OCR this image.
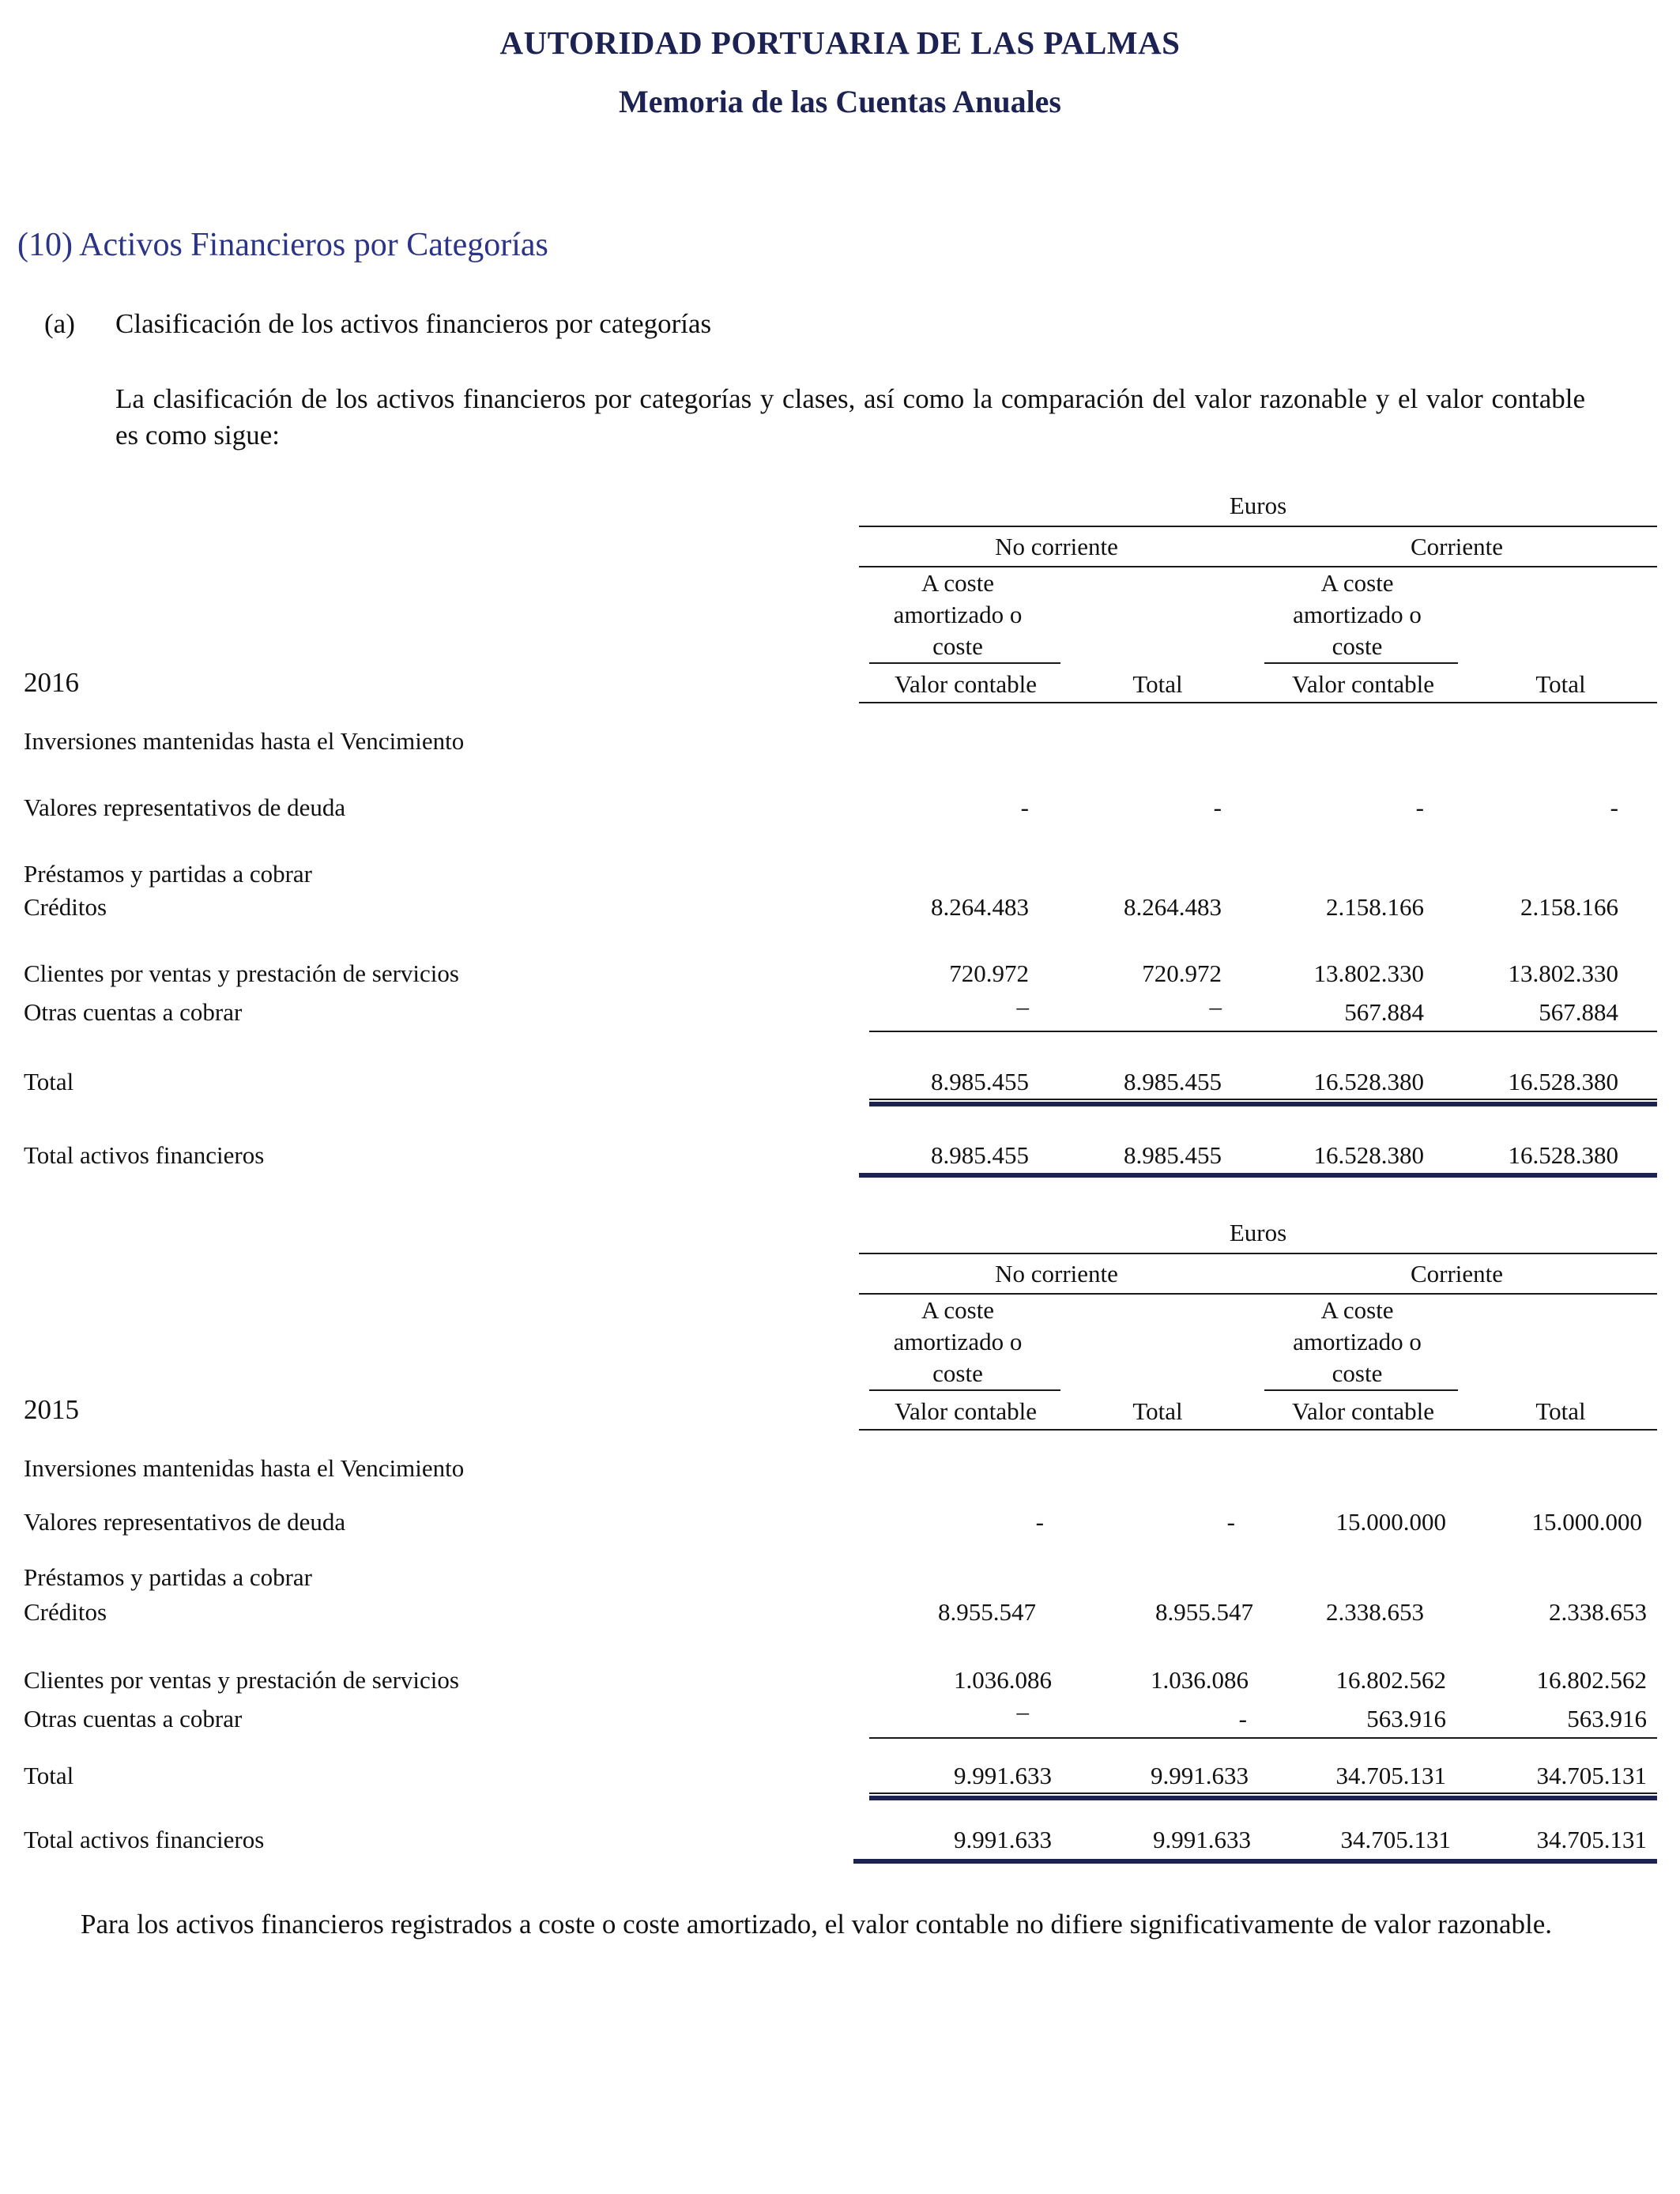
AUTORIDAD PORTUARIA DE LAS PALMAS
Memoria de las Cuentas Anuales
(10) Activos Financieros por Categorías
(a) Clasificación de los activos financieros por categorías
La clasificación de los activos financieros por categorías y clases, así como la comparación del valor razonable y el valor contable es como sigue:
Euros
No corriente	Corriente
A coste
amortizado o
coste
A coste
amortizado o
coste
2016	Valor contable	Total	Valor contable	Total
Inversiones mantenidas hasta el Vencimiento
Valores representativos de deuda	-	-	-	-
Préstamos y partidas a cobrar
Créditos	8.264.483	8.264.483	2.158.166	2.158.166
Clientes por ventas y prestación de servicios	720.972	720.972	13.802.330	13.802.330
Otras cuentas a cobrar	–	–	567.884	567.884
Total	8.985.455	8.985.455	16.528.380	16.528.380
Total activos financieros	8.985.455	8.985.455	16.528.380	16.528.380
Euros
No corriente	Corriente
A coste
amortizado o
coste
A coste
amortizado o
coste
2015	Valor contable	Total	Valor contable	Total
Inversiones mantenidas hasta el Vencimiento
Valores representativos de deuda	-	-	15.000.000	15.000.000
Préstamos y partidas a cobrar
Créditos	8.955.547	8.955.547	2.338.653	2.338.653
Clientes por ventas y prestación de servicios	1.036.086	1.036.086	16.802.562	16.802.562
Otras cuentas a cobrar	–	-	563.916	563.916
Total	9.991.633	9.991.633	34.705.131	34.705.131
Total activos financieros	9.991.633	9.991.633	34.705.131	34.705.131
Para los activos financieros registrados a coste o coste amortizado, el valor contable no difiere significativamente de valor razonable.
